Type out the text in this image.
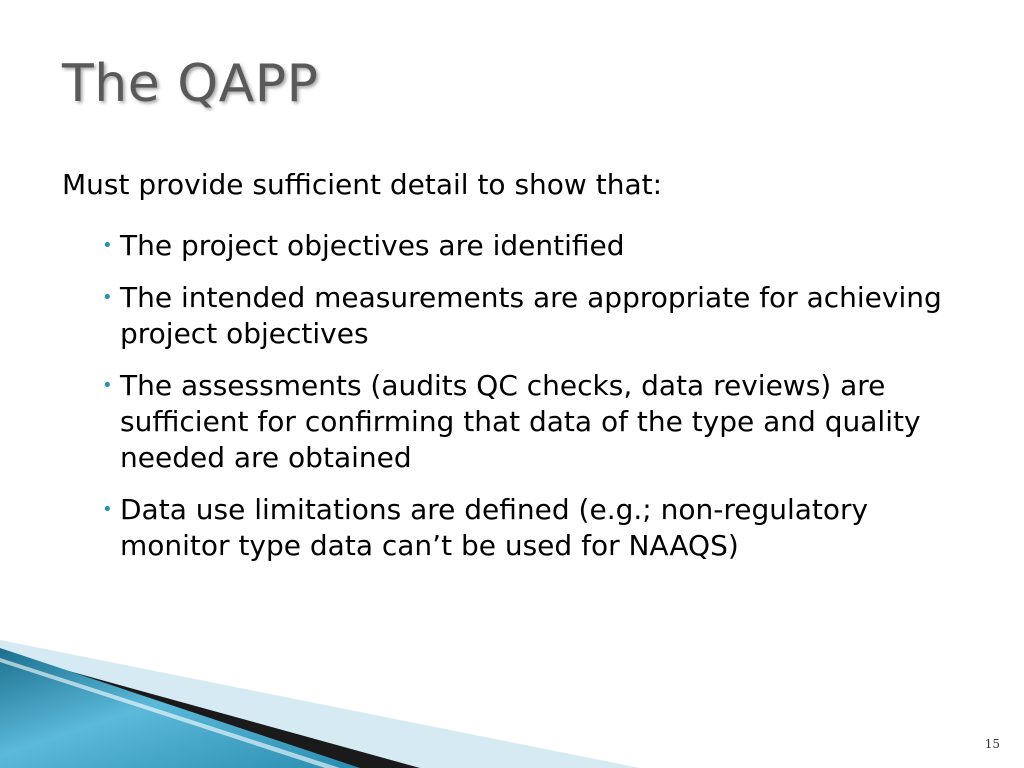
The QAPP

Must provide sufficient detail to show that:

• The project objectives are identified
• The intended measurements are appropriate for achieving project objectives
• The assessments (audits QC checks, data reviews) are sufficient for confirming that data of the type and quality needed are obtained
• Data use limitations are defined (e.g.; non-regulatory monitor type data can’t be used for NAAQS)
15
